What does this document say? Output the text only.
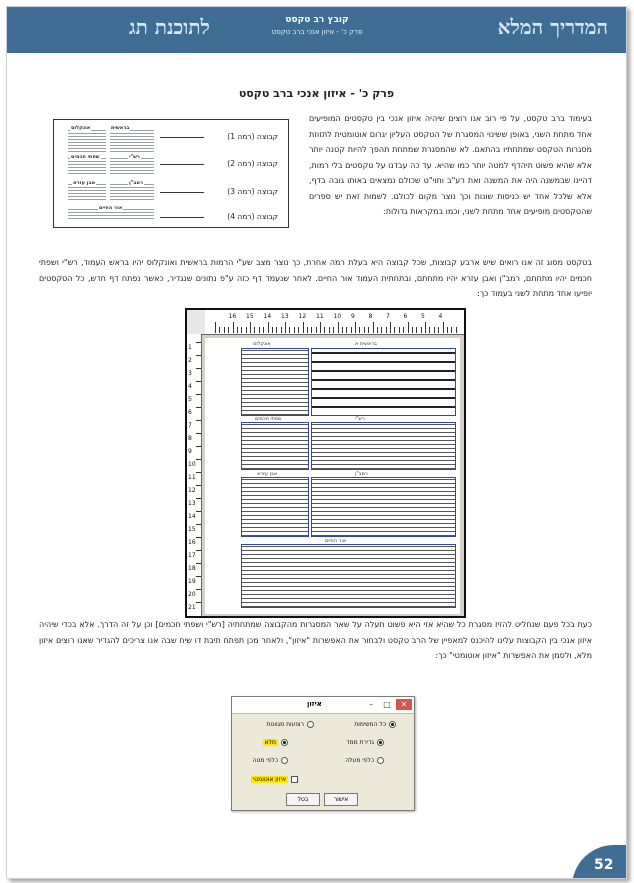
המדריך המלא
קובץ רב טקסט
פרק כ' - איזון אנכי ברב טקסט
לתוכנת תג
פרק כ' - איזון אנכי ברב טקסט
בעימוד ברב טקסט, על פי רוב אנו רוצים שיהיה איזון אנכי בין טקסטים המופיעים אחד מתחת השני, באופן ששינוי המסגרת של הטקסט העליון יגרום אוטומטית לתזוזת מסגרות הטקסט שמתחתיו בהתאם. לא שהמסגרת שמתחת תהפך להיות קטנה יותר אלא שהיא פשוט תיהדף למטה יותר כמו שהיא. עד כה עבדנו על טקסטים בלי רמות, דהיינו שבמשנה היה את המשנה ואת רע"ב ותוי"ט שכולם נמצאים באותו גובה בדף, אלא שלכל אחד יש כניסות שונות וכך נוצר מקום לכולם. לשמות זאת יש ספרים שהטקסטים מופיעים אחד מתחת לשני, וכמו במקראות גדולות:
קבוצה (רמה 1)
קבוצה (רמה 2)
קבוצה (רמה 3)
קבוצה (רמה 4)
בראשית
אונקלוס
רש"י
שפתי חכמים
רמב"ן
אבן עזרא
אור החיים
בטקסט מסוג זה אנו רואים שיש ארבע קבוצות, שכל קבוצה היא בעלת רמה אחרת, כך נוצר מצב שע"י הרמות בראשית ואונקלוס יהיו בראש העמוד, רש"י ושפתי חכמים יהיו מתחתם, רמב"ן ואבן עזרא יהיו מתחתם, ובתחתית העמוד אור החיים. לאחר שנעמד דף כזה ע"פ נתונים שנגדיר, כאשר נפתח דף חדש, כל הטקסטים יופיעו אחד מתחת לשני בעמוד כך:
16 15 14 13 12 11 10 9 8 7 6 5 4
1
2
3
4
5
6
7
8
9
10
11
12
13
14
15
16
17
18
19
20
21
בראשית א
אונקלוס
רש"י
שפתי חכמים
רמב"ן
אבן עזרא
אור החיים
כעת בכל פעם שנחליט להזיז מסגרת כל שהיא אזי היא פשוט תעלה על שאר המסגרות מהקבוצה שמתחתיה [רש"י ושפתי חכמים] וכן על זה הדרך. אלא בכדי שיהיה איזון אנכי בין הקבוצות עלינו להיכנס למאפיין של הרב טקסט ולבחור את האפשרות "איזון", ולאחר מכן תפתח תיבת דו שיח שבה אנו צריכים להגדיר שאנו רוצים איזון מלא, ולסמן את האפשרות "איזון אוטומטי" כך:
איזון	–	□	✕
כל המשימות
רצועות מגוונות
גדירת ממד
מלא
כלפי מעלה
כלפי מטה
איזון אוטומטי
אישור
בטל
52
